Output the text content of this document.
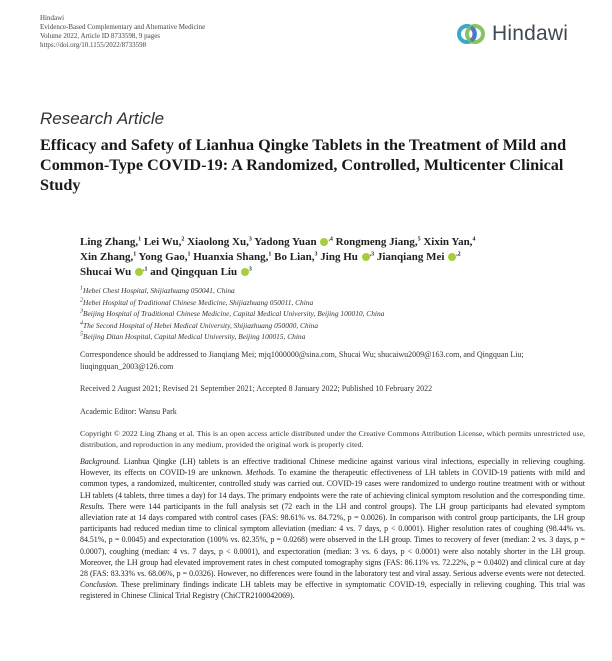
Hindawi
Evidence-Based Complementary and Alternative Medicine
Volume 2022, Article ID 8733598, 9 pages
https://doi.org/10.1155/2022/8733598	Hindawi
Research Article
Efficacy and Safety of Lianhua Qingke Tablets in the Treatment of Mild and Common-Type COVID-19: A Randomized, Controlled, Multicenter Clinical Study
Ling Zhang,$^1$ Lei Wu,$^2$ Xiaolong Xu,$^3$ Yadong Yuan $^{,4}$ Rongmeng Jiang,$^5$ Xixin Yan,$^4$
Xin Zhang,$^1$ Yong Gao,$^1$ Huanxia Shang,$^1$ Bo Lian,$^3$ Jing Hu $^{,3}$ Jianqiang Mei $^{,2}$
Shucai Wu $^{,1}$ and Qingquan Liu $^3$
$^1$Hebei Chest Hospital, Shijiazhuang 050041, China
$^2$Hebei Hospital of Traditional Chinese Medicine, Shijiazhuang 050011, China
$^3$Beijing Hospital of Traditional Chinese Medicine, Capital Medical University, Beijing 100010, China
$^4$The Second Hospital of Hebei Medical University, Shijiazhuang 050000, China
$^5$Beijing Ditan Hospital, Capital Medical University, Beijing 100015, China
Correspondence should be addressed to Jianqiang Mei; mjq1000000@sina.com, Shucai Wu; shucaiwu2009@163.com, and Qingquan Liu; liuqingquan_2003@126.com
Received 2 August 2021; Revised 21 September 2021; Accepted 8 January 2022; Published 10 February 2022
Academic Editor: Wansu Park
Copyright © 2022 Ling Zhang et al. This is an open access article distributed under the Creative Commons Attribution License, which permits unrestricted use, distribution, and reproduction in any medium, provided the original work is properly cited.
Background. Lianhua Qingke (LH) tablets is an effective traditional Chinese medicine against various viral infections, especially in relieving coughing. However, its effects on COVID-19 are unknown. Methods. To examine the therapeutic effectiveness of LH tablets in COVID-19 patients with mild and common types, a randomized, multicenter, controlled study was carried out. COVID-19 cases were randomized to undergo routine treatment with or without LH tablets (4 tablets, three times a day) for 14 days. The primary endpoints were the rate of achieving clinical symptom resolution and the corresponding time. Results. There were 144 participants in the full analysis set (72 each in the LH and control groups). The LH group participants had elevated symptom alleviation rate at 14 days compared with control cases (FAS: 98.61% vs. 84.72%, p = 0.0026). In comparison with control group participants, the LH group participants had reduced median time to clinical symptom alleviation (median: 4 vs. 7 days, p < 0.0001). Higher resolution rates of coughing (98.44% vs. 84.51%, p = 0.0045) and expectoration (100% vs. 82.35%, p = 0.0268) were observed in the LH group. Times to recovery of fever (median: 2 vs. 3 days, p = 0.0007), coughing (median: 4 vs. 7 days, p < 0.0001), and expectoration (median: 3 vs. 6 days, p < 0.0001) were also notably shorter in the LH group. Moreover, the LH group had elevated improvement rates in chest computed tomography signs (FAS: 86.11% vs. 72.22%, p = 0.0402) and clinical cure at day 28 (FAS: 83.33% vs. 68.06%, p = 0.0326). However, no differences were found in the laboratory test and viral assay. Serious adverse events were not detected. Conclusion. These preliminary findings indicate LH tablets may be effective in symptomatic COVID-19, especially in relieving coughing. This trial was registered in Chinese Clinical Trial Registry (ChiCTR2100042069).
